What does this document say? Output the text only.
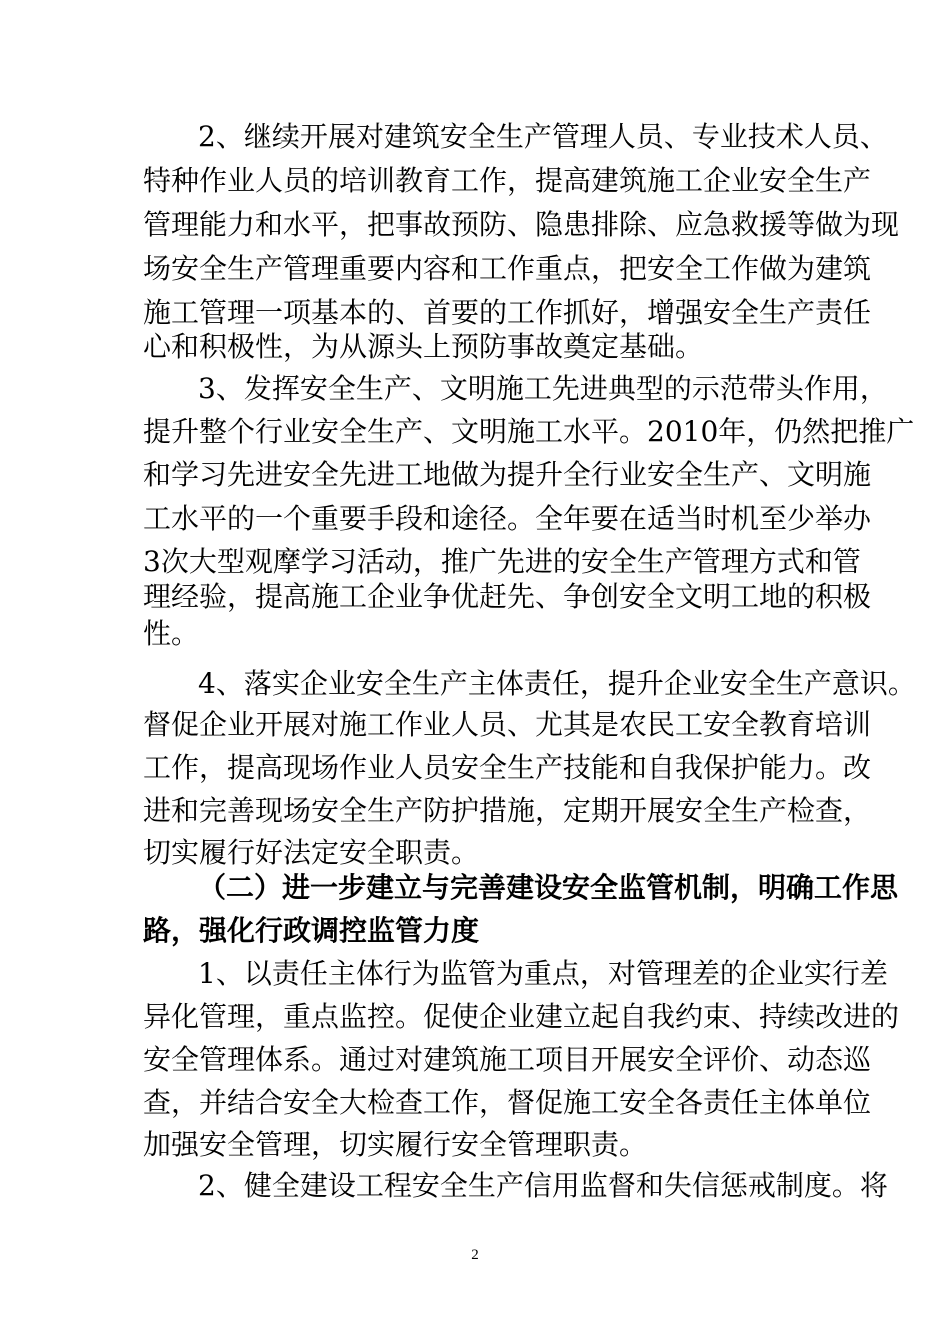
2、继续开展对建筑安全生产管理人员、专业技术人员、
特种作业人员的培训教育工作，提高建筑施工企业安全生产
管理能力和水平，把事故预防、隐患排除、应急救援等做为现
场安全生产管理重要内容和工作重点，把安全工作做为建筑
施工管理一项基本的、首要的工作抓好，增强安全生产责任
心和积极性，为从源头上预防事故奠定基础。
3、发挥安全生产、文明施工先进典型的示范带头作用，
提升整个行业安全生产、文明施工水平。2010年，仍然把推广
和学习先进安全先进工地做为提升全行业安全生产、文明施
工水平的一个重要手段和途径。全年要在适当时机至少举办
3次大型观摩学习活动，推广先进的安全生产管理方式和管
理经验，提高施工企业争优赶先、争创安全文明工地的积极
性。
4、落实企业安全生产主体责任，提升企业安全生产意识。
督促企业开展对施工作业人员、尤其是农民工安全教育培训
工作，提高现场作业人员安全生产技能和自我保护能力。改
进和完善现场安全生产防护措施，定期开展安全生产检查，
切实履行好法定安全职责。
（二）进一步建立与完善建设安全监管机制，明确工作思
路，强化行政调控监管力度
1、以责任主体行为监管为重点，对管理差的企业实行差
异化管理，重点监控。促使企业建立起自我约束、持续改进的
安全管理体系。通过对建筑施工项目开展安全评价、动态巡
查，并结合安全大检查工作，督促施工安全各责任主体单位
加强安全管理，切实履行安全管理职责。
2、健全建设工程安全生产信用监督和失信惩戒制度。将
2
